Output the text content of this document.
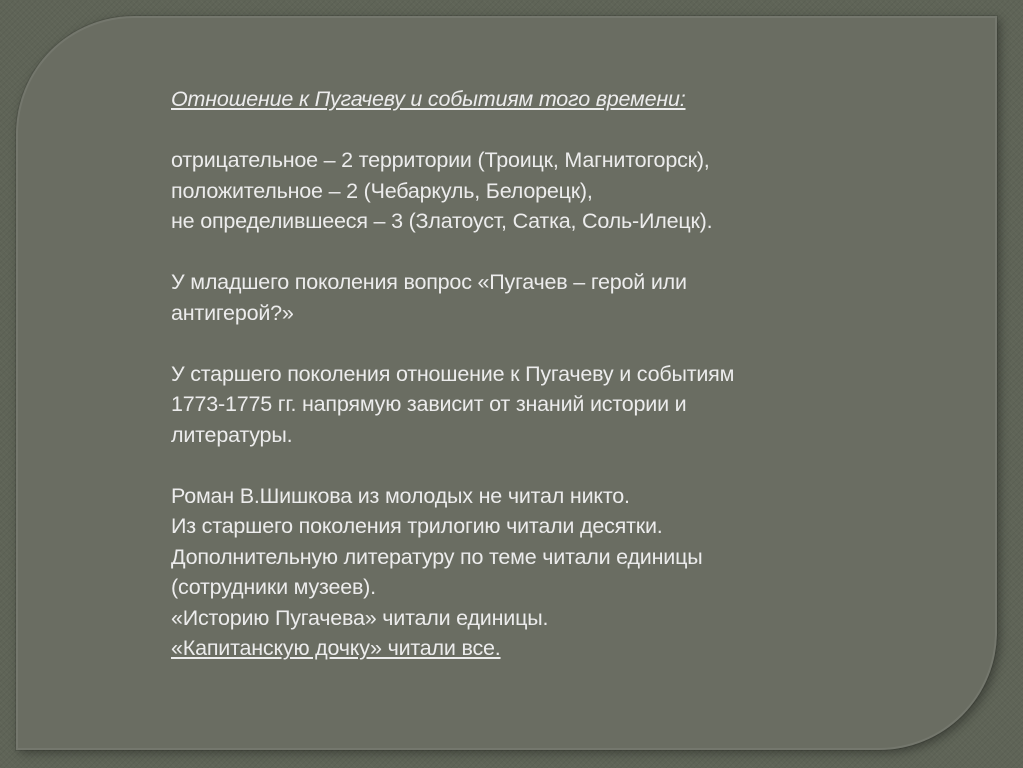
Отношение к Пугачеву и событиям того времени:

отрицательное – 2 территории (Троицк, Магнитогорск),

положительное – 2 (Чебаркуль, Белорецк),

не определившееся – 3 (Златоуст, Сатка, Соль-Илецк).

У младшего поколения вопрос «Пугачев – герой или

антигерой?»

У старшего поколения отношение к Пугачеву и событиям

1773-1775 гг. напрямую зависит от знаний истории и

литературы.

Роман В.Шишкова из молодых не читал никто.

Из старшего поколения трилогию читали десятки.

Дополнительную литературу по теме читали единицы

(сотрудники музеев).

«Историю Пугачева» читали единицы.

«Капитанскую дочку» читали все.
